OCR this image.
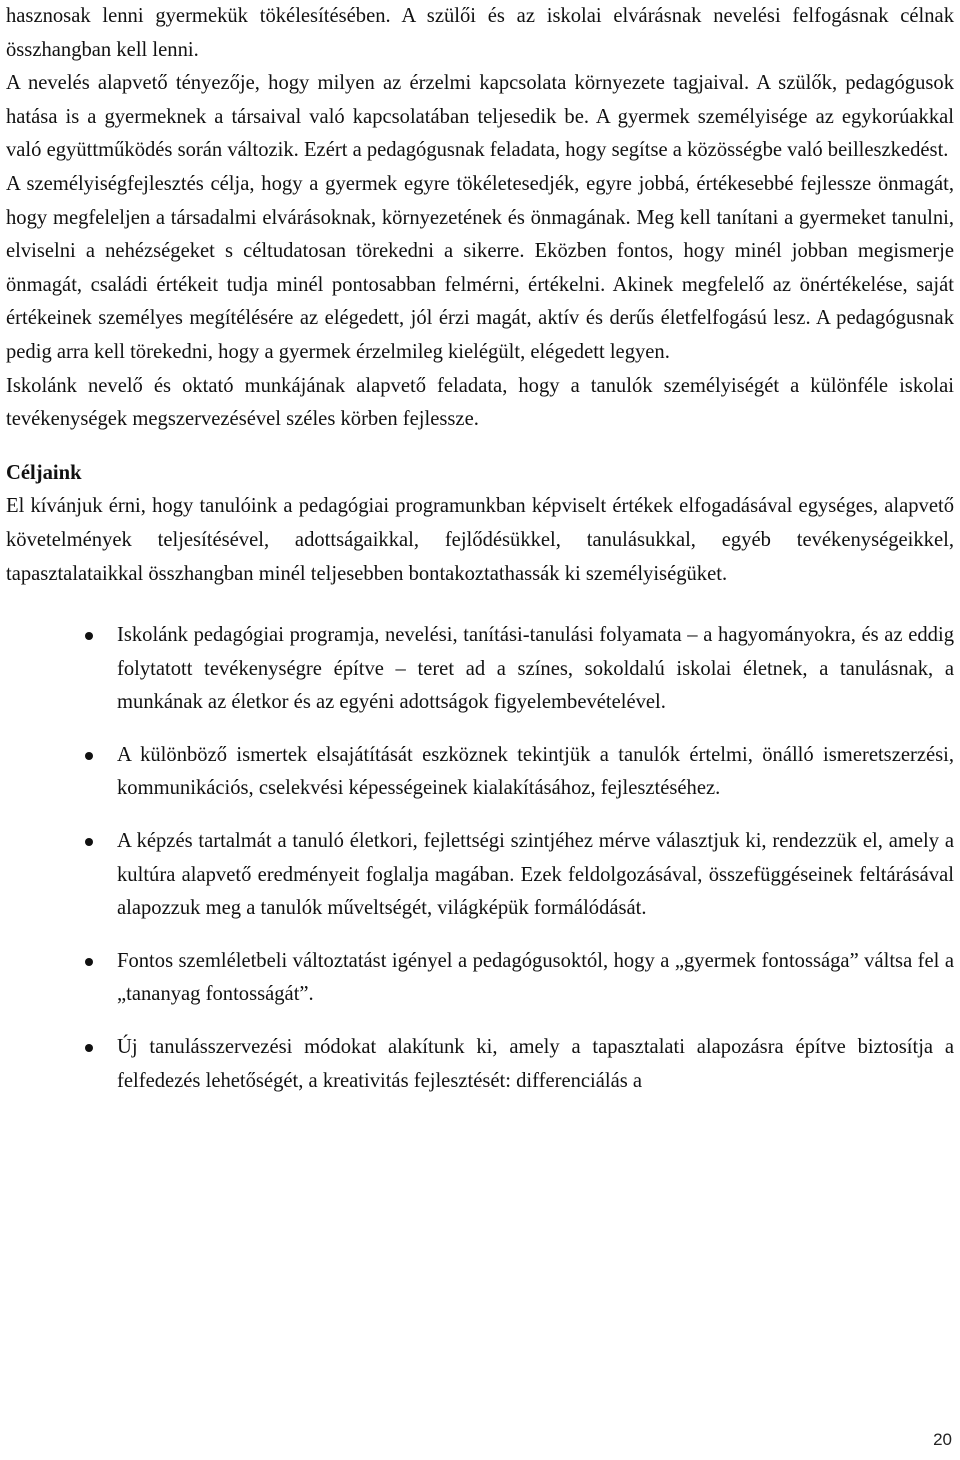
hasznosak lenni gyermekük tökélesítésében. A szülői és az iskolai elvárásnak nevelési felfogásnak célnak összhangban kell lenni.

A nevelés alapvető tényezője, hogy milyen az érzelmi kapcsolata környezete tagjaival. A szülők, pedagógusok hatása is a gyermeknek a társaival való kapcsolatában teljesedik be. A gyermek személyisége az egykorúakkal való együttműködés során változik. Ezért a pedagógusnak feladata, hogy segítse a közösségbe való beilleszkedést.

A személyiségfejlesztés célja, hogy a gyermek egyre tökéletesedjék, egyre jobbá, értékesebbé fejlessze önmagát, hogy megfeleljen a társadalmi elvárásoknak, környezetének és önmagának. Meg kell tanítani a gyermeket tanulni, elviselni a nehézségeket s céltudatosan törekedni a sikerre. Eközben fontos, hogy minél jobban megismerje önmagát, családi értékeit tudja minél pontosabban felmérni, értékelni. Akinek megfelelő az önértékelése, saját értékeinek személyes megítélésére az elégedett, jól érzi magát, aktív és derűs életfelfogású lesz. A pedagógusnak pedig arra kell törekedni, hogy a gyermek érzelmileg kielégült, elégedett legyen.

Iskolánk nevelő és oktató munkájának alapvető feladata, hogy a tanulók személyiségét a különféle iskolai tevékenységek megszervezésével széles körben fejlessze.

Céljaink

El kívánjuk érni, hogy tanulóink a pedagógiai programunkban képviselt értékek elfogadásával egységes, alapvető követelmények teljesítésével, adottságaikkal, fejlődésükkel, tanulásukkal, egyéb tevékenységeikkel, tapasztalataikkal összhangban minél teljesebben bontakoztathassák ki személyiségüket.

Iskolánk pedagógiai programja, nevelési, tanítási-tanulási folyamata – a hagyományokra, és az eddig folytatott tevékenységre építve – teret ad a színes, sokoldalú iskolai életnek, a tanulásnak, a munkának az életkor és az egyéni adottságok figyelembevételével.

A különböző ismertek elsajátítását eszköznek tekintjük a tanulók értelmi, önálló ismeretszerzési, kommunikációs, cselekvési képességeinek kialakításához, fejlesztéséhez.

A képzés tartalmát a tanuló életkori, fejlettségi szintjéhez mérve választjuk ki, rendezzük el, amely a kultúra alapvető eredményeit foglalja magában. Ezek feldolgozásával, összefüggéseinek feltárásával alapozzuk meg a tanulók műveltségét, világképük formálódását.

Fontos szemléletbeli változtatást igényel a pedagógusoktól, hogy a „gyermek fontossága” váltsa fel a „tananyag fontosságát”.

Új tanulásszervezési módokat alakítunk ki, amely a tapasztalati alapozásra építve biztosítja a felfedezés lehetőségét, a kreativitás fejlesztését: differenciálás a

20
